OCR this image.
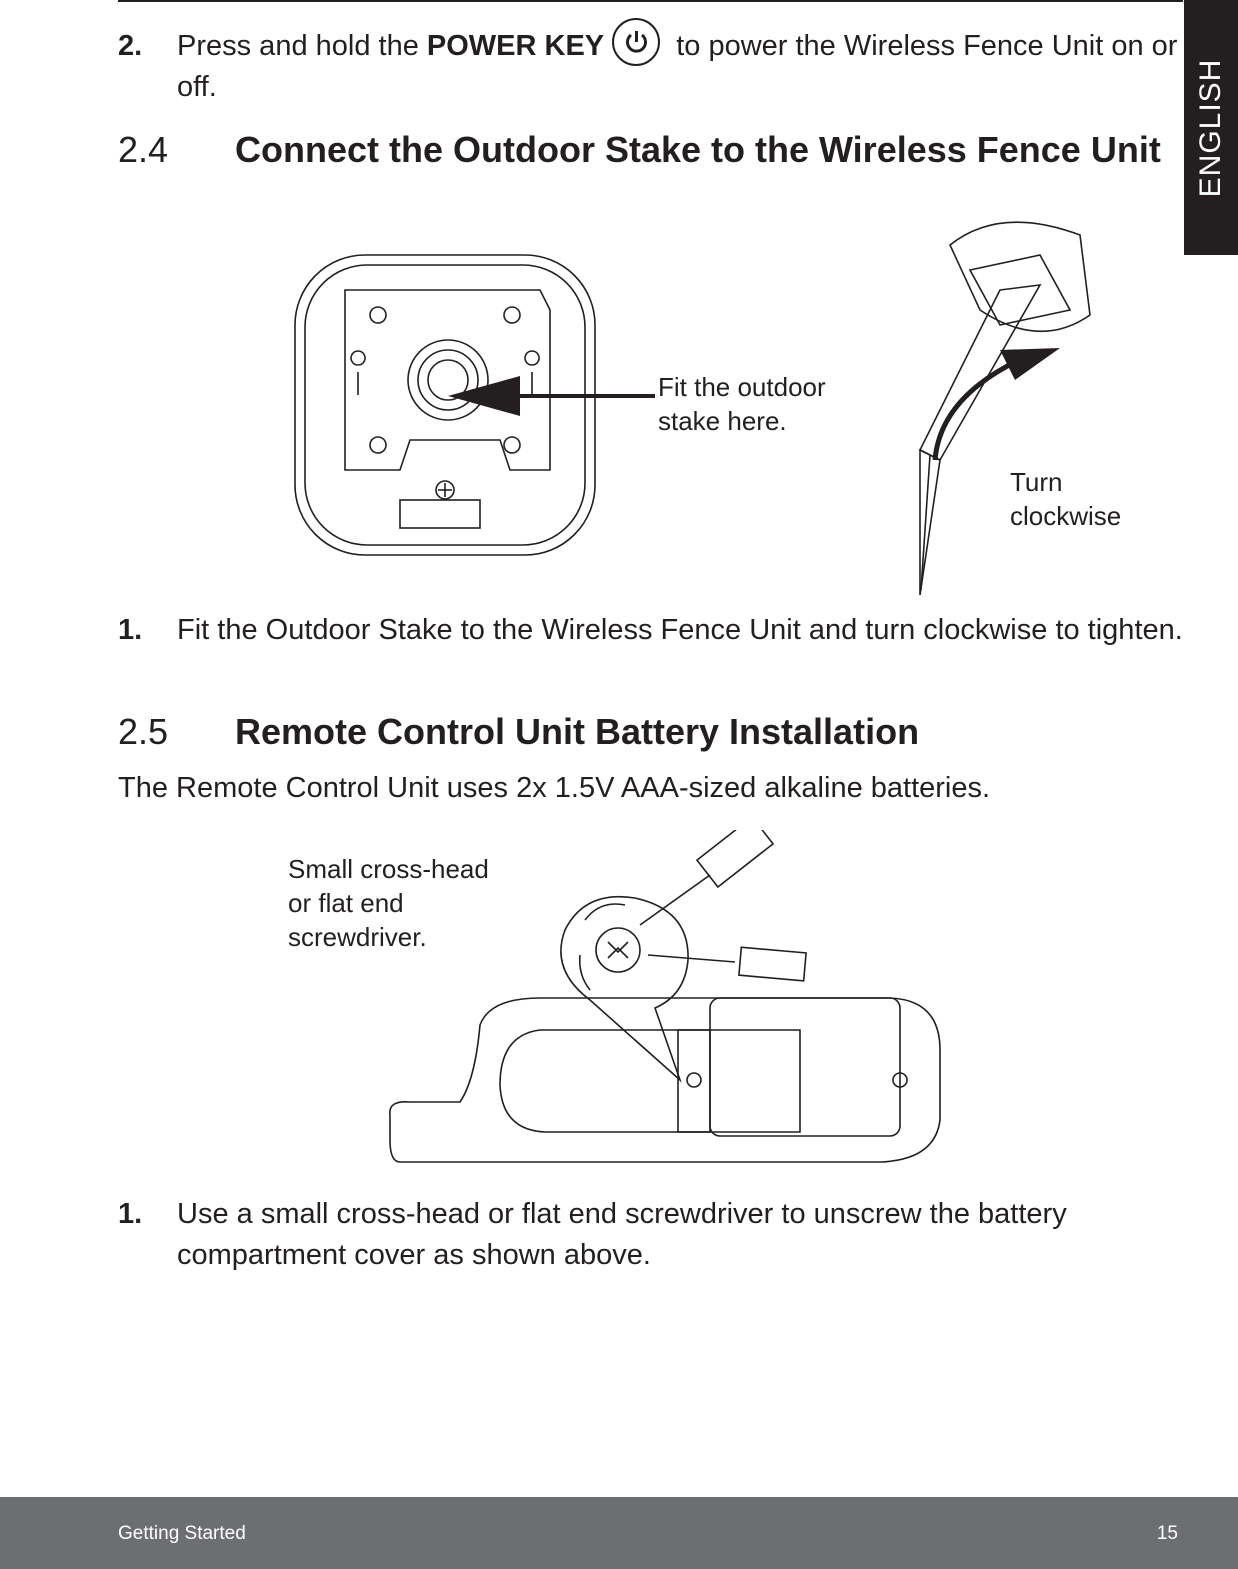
ENGLISH
2. Press and hold the POWER KEY
to power the Wireless Fence Unit on or off.
2.4 Connect the Outdoor Stake to the Wireless Fence Unit
Fit the outdoor
stake here.
Turn
clockwise
1. Fit the Outdoor Stake to the Wireless Fence Unit and turn clockwise to tighten.
2.5 Remote Control Unit Battery Installation
The Remote Control Unit uses 2x 1.5V AAA-sized alkaline batteries.
Small cross-head
or flat end
screwdriver.
1. Use a small cross-head or flat end screwdriver to unscrew the battery compartment cover as shown above.
Getting Started	15
